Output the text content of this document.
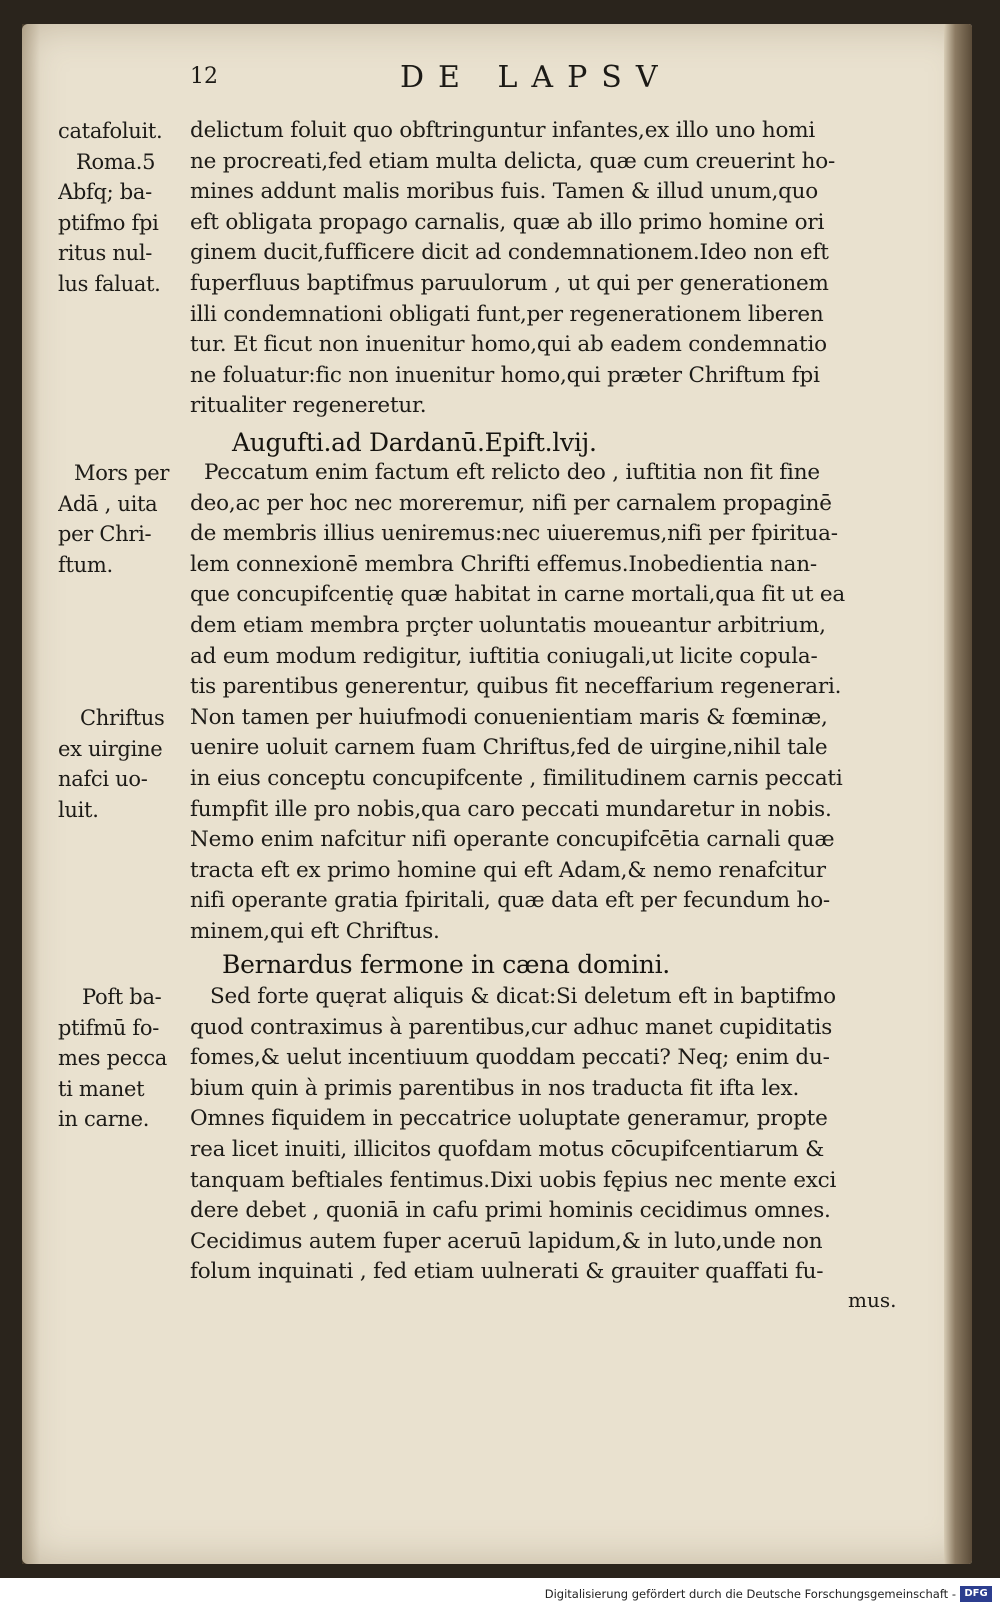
12	DE LAPSV
catafoluit.
Roma.5
Abfq; ba-
ptifmo fpi
ritus nul-
lus faluat.
delictum foluit quo obftringuntur infantes,ex illo uno homi
ne procreati,fed etiam multa delicta, quæ cum creuerint ho-
mines addunt malis moribus fuis. Tamen & illud unum,quo
eft obligata propago carnalis, quæ ab illo primo homine ori
ginem ducit,fufficere dicit ad condemnationem.Ideo non eft
fuperfluus baptifmus paruulorum , ut qui per generationem
illi condemnationi obligati funt,per regenerationem liberen
tur. Et ficut non inuenitur homo,qui ab eadem condemnatio
ne foluatur:fic non inuenitur homo,qui præter Chriftum fpi
ritualiter regeneretur.
Augufti.ad Dardanū.Epift.lvij.
Mors per
Adā , uita
per Chri-
ftum.
Chriftus
ex uirgine
nafci uo-
luit.
Peccatum enim factum eft relicto deo , iuftitia non fit fine
deo,ac per hoc nec moreremur, nifi per carnalem propaginē
de membris illius ueniremus:nec uiueremus,nifi per fpiritua-
lem connexionē membra Chrifti effemus.Inobedientia nan-
que concupifcentię quæ habitat in carne mortali,qua fit ut ea
dem etiam membra prçter uoluntatis moueantur arbitrium,
ad eum modum redigitur, iuftitia coniugali,ut licite copula-
tis parentibus generentur, quibus fit neceffarium regenerari.
Non tamen per huiufmodi conuenientiam maris & fœminæ,
uenire uoluit carnem fuam Chriftus,fed de uirgine,nihil tale
in eius conceptu concupifcente , fimilitudinem carnis peccati
fumpfit ille pro nobis,qua caro peccati mundaretur in nobis.
Nemo enim nafcitur nifi operante concupifcētia carnali quæ
tracta eft ex primo homine qui eft Adam,& nemo renafcitur
nifi operante gratia fpiritali, quæ data eft per fecundum ho-
minem,qui eft Chriftus.
Bernardus fermone in cæna domini.
Poft ba-
ptifmū fo-
mes pecca
ti manet
in carne.
Sed forte quęrat aliquis & dicat:Si deletum eft in baptifmo
quod contraximus à parentibus,cur adhuc manet cupiditatis
fomes,& uelut incentiuum quoddam peccati? Neq; enim du-
bium quin à primis parentibus in nos traducta fit ifta lex.
Omnes fiquidem in peccatrice uoluptate generamur, propte
rea licet inuiti, illicitos quofdam motus cōcupifcentiarum &
tanquam beftiales fentimus.Dixi uobis fępius nec mente exci
dere debet , quoniā in cafu primi hominis cecidimus omnes.
Cecidimus autem fuper aceruū lapidum,& in luto,unde non
folum inquinati , fed etiam uulnerati & grauiter quaffati fu-
mus.
Digitalisierung gefördert durch die Deutsche Forschungsgemeinschaft - DFG
